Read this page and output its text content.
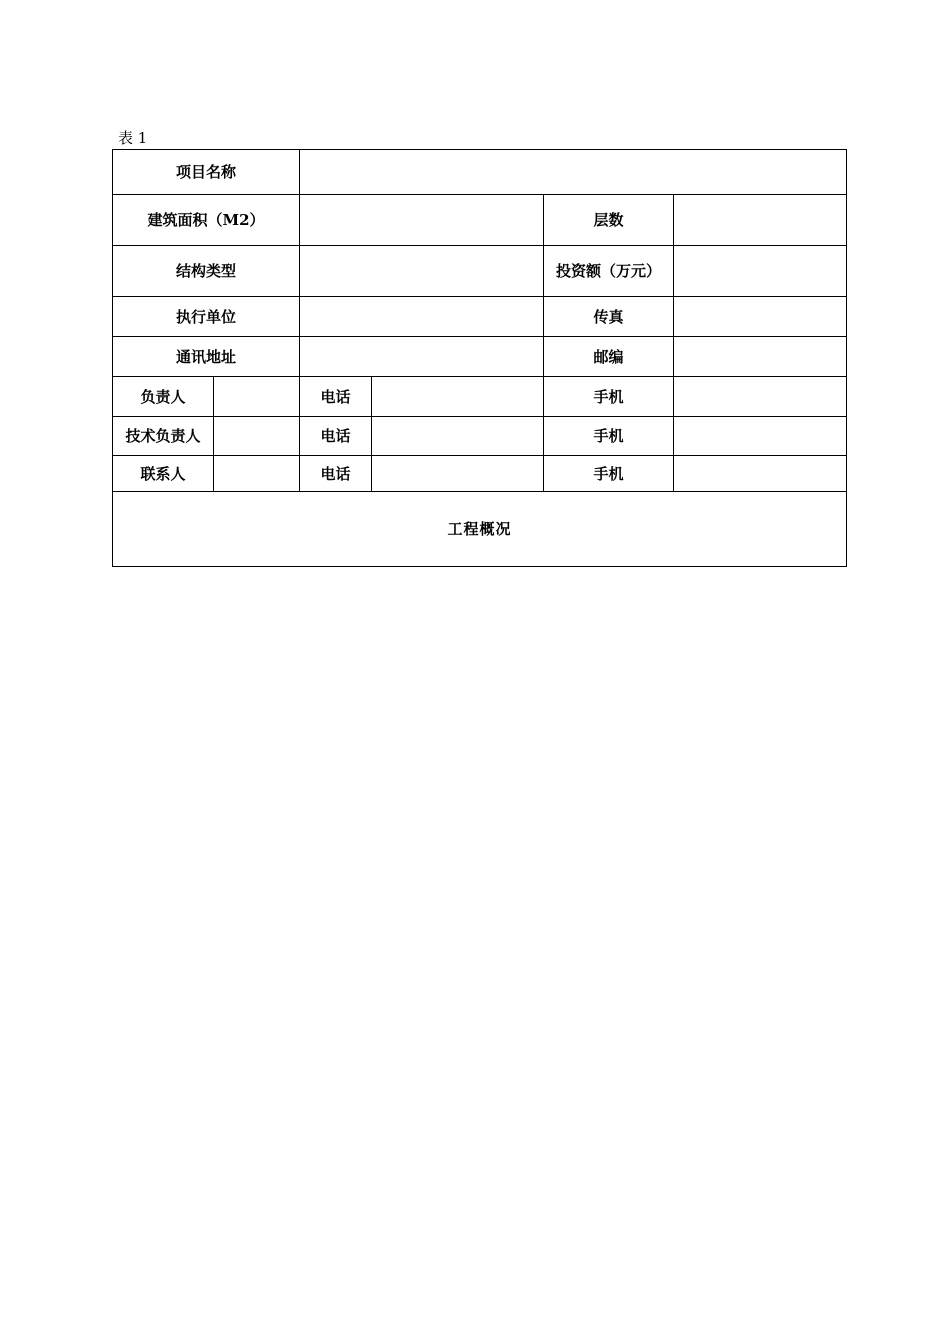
表 1
项目名称					
建筑面积（M2）				层数	
结构类型				投资额（万元）	
执行单位				传真	
通讯地址				邮编	
负责人		电话		手机	
技术负责人		电话		手机	
联系人		电话		手机	
工程概况					
